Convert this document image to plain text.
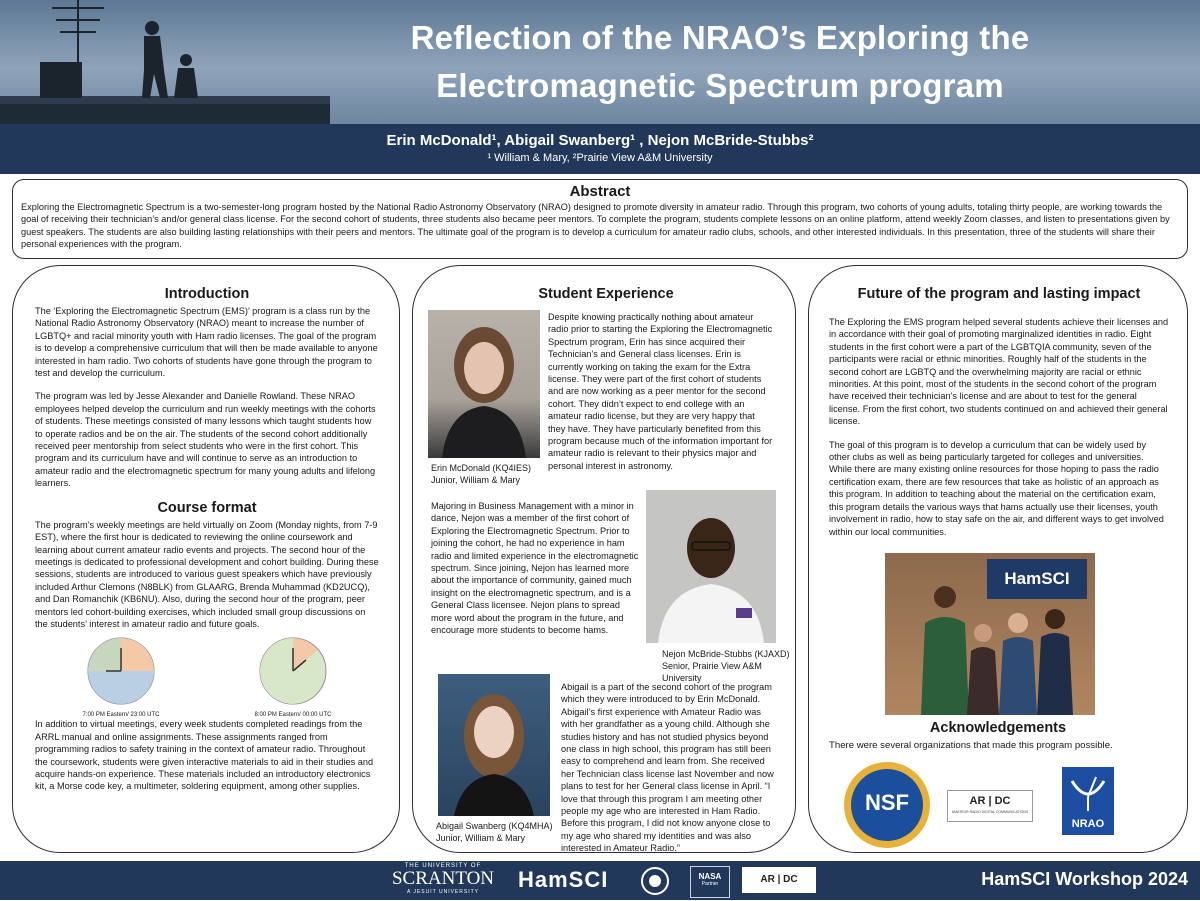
Reflection of the NRAO’s Exploring the
Electromagnetic Spectrum program
Erin McDonald¹, Abigail Swanberg¹ , Nejon McBride-Stubbs²
¹ William & Mary, ²Prairie View A&M University
Abstract

Exploring the Electromagnetic Spectrum is a two-semester-long program hosted by the National Radio Astronomy Observatory (NRAO) designed to promote diversity in amateur radio. Through this program, two cohorts of young adults, totaling thirty people, are working towards the goal of receiving their technician’s and/or general class license. For the second cohort of students, three students also became peer mentors. To complete the program, students complete lessons on an online platform, attend weekly Zoom classes, and listen to presentations given by guest speakers. The students are also building lasting relationships with their peers and mentors. The ultimate goal of the program is to develop a curriculum for amateur radio clubs, schools, and other interested individuals. In this presentation, three of the students will share their personal experiences with the program.

Introduction

The ‘Exploring the Electromagnetic Spectrum (EMS)’ program is a class run by the National Radio Astronomy Observatory (NRAO) meant to increase the number of LGBTQ+ and racial minority youth with Ham radio licenses. The goal of the program is to develop a comprehensive curriculum that will then be made available to anyone interested in ham radio. Two cohorts of students have gone through the program to test and develop the curriculum.

The program was led by Jesse Alexander and Danielle Rowland. These NRAO employees helped develop the curriculum and run weekly meetings with the cohorts of students. These meetings consisted of many lessons which taught students how to operate radios and be on the air. The students of the second cohort additionally received peer mentorship from select students who were in the first cohort. This program and its curriculum have and will continue to serve as an introduction to amateur radio and the electromagnetic spectrum for many young adults and lifelong learners.

Course format

The program’s weekly meetings are held virtually on Zoom (Monday nights, from 7-9 EST), where the first hour is dedicated to reviewing the online coursework and learning about current amateur radio events and projects. The second hour of the meetings is dedicated to professional development and cohort building. During these sessions, students are introduced to various guest speakers which have previously included Arthur Clemons (N8BLK) from GLAARG, Brenda Muhammad (KD2UCQ), and Dan Romanchik (KB6NU). Also, during the second hour of the program, peer mentors led cohort-building exercises, which included small group discussions on the students’ interest in amateur radio and future goals.

7:00 PM Eastern/ 23:00 UTC	8:00 PM Eastern/ 00:00 UTC

In addition to virtual meetings, every week students completed readings from the ARRL manual and online assignments. These assignments ranged from programming radios to safety training in the context of amateur radio. Throughout the coursework, students were given interactive materials to aid in their studies and acquire hands-on experience. These materials included an introductory electronics kit, a Morse code key, a multimeter, soldering equipment, among other supplies.

Student Experience
Erin McDonald (KQ4IES)
Junior, William & Mary
Despite knowing practically nothing about amateur radio prior to starting the Exploring the Electromagnetic Spectrum program, Erin has since acquired their Technician’s and General class licenses. Erin is currently working on taking the exam for the Extra license. They were part of the first cohort of students and are now working as a peer mentor for the second cohort. They didn’t expect to end college with an amateur radio license, but they are very happy that they have. They have particularly benefited from this program because much of the information important for amateur radio is relevant to their physics major and personal interest in astronomy.
Majoring in Business Management with a minor in dance, Nejon was a member of the first cohort of Exploring the Electromagnetic Spectrum. Prior to joining the cohort, he had no experience in ham radio and limited experience in the electromagnetic spectrum. Since joining, Nejon has learned more about the importance of community, gained much insight on the electromagnetic spectrum, and is a General Class licensee. Nejon plans to spread more word about the program in the future, and encourage more students to become hams.
Nejon McBride-Stubbs (KJAXD)
Senior, Prairie View A&M University
Abigail Swanberg (KQ4MHA)
Junior, William & Mary
Abigail is a part of the second cohort of the program which they were introduced to by Erin McDonald. Abigail’s first experience with Amateur Radio was with her grandfather as a young child. Although she studies history and has not studied physics beyond one class in high school, this program has still been easy to comprehend and learn from. She received her Technician class license last November and now plans to test for her General class license in April. “I love that through this program I am meeting other people my age who are interested in Ham Radio. Before this program, I did not know anyone close to my age who shared my identities and was also interested in Amateur Radio.”
Future of the program and lasting impact

The Exploring the EMS program helped several students achieve their licenses and in accordance with their goal of promoting marginalized identities in radio. Eight students in the first cohort were a part of the LGBTQIA community, seven of the participants were racial or ethnic minorities. Roughly half of the students in the second cohort are LGBTQ and the overwhelming majority are racial or ethnic minorities. At this point, most of the students in the second cohort of the program have received their technician’s license and are about to test for the general license. From the first cohort, two students continued on and achieved their general license.

The goal of this program is to develop a curriculum that can be widely used by other clubs as well as being particularly targeted for colleges and universities. While there are many existing online resources for those hoping to pass the radio certification exam, there are few resources that take as holistic of an approach as this program. In addition to teaching about the material on the certification exam, this program details the various ways that hams actually use their licenses, youth involvement in radio, how to stay safe on the air, and different ways to get involved within our local communities.

HamSCI
Acknowledgements
There were several organizations that made this program possible.
NSF	AR | DC
AMATEUR RADIO DIGITAL COMMUNICATIONS
NRAO
THE UNIVERSITY OF
SCRANTON
A JESUIT UNIVERSITY	HamSCI	NASA
Partner	AR | DC	HamSCI Workshop 2024
